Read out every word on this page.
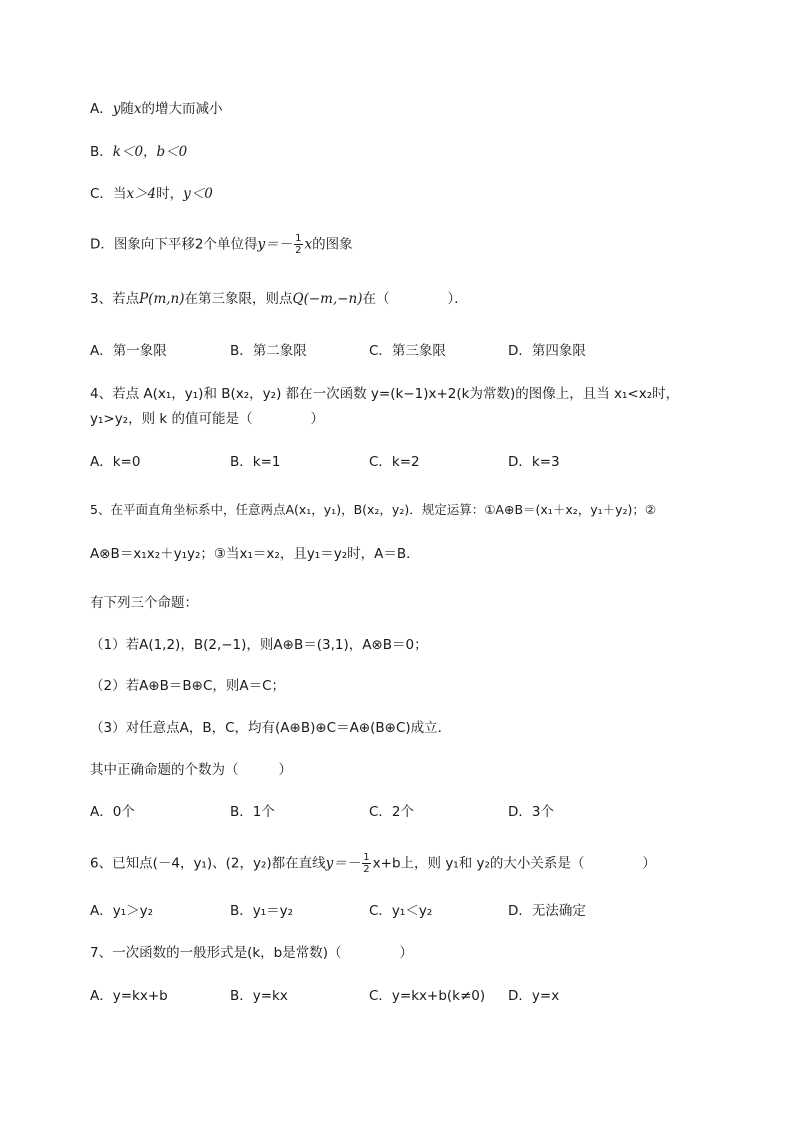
A．y随x的增大而减小
B．k＜0，b＜0
C．当x＞4时，y＜0
D．图象向下平移2个单位得$y=- \frac{1}{2}$ x的图象
3、若点P(m,n)在第三象限，则点Q(−m,−n)在（	）．
A．第一象限	B．第二象限	C．第三象限	D．第四象限
4、若点 A(x₁，y₁)和 B(x₂，y₂) 都在一次函数 y=(k−1)x+2(k为常数)的图像上，且当 x₁<x₂时，
y₁>y₂，则 k 的值可能是（	）
A．k=0	B．k=1	C．k=2	D．k=3
5、在平面直角坐标系中，任意两点A(x₁，y₁)，B(x₂，y₂)．规定运算：①A⊕B＝(x₁＋x₂，y₁＋y₂)；②
A⊗B＝x₁x₂＋y₁y₂；③当x₁＝x₂，且y₁＝y₂时，A＝B．
有下列三个命题：
（1）若A(1,2)，B(2,−1)，则A⊕B＝(3,1)，A⊗B＝0；
（2）若A⊕B＝B⊕C，则A＝C；
（3）对任意点A，B，C，均有(A⊕B)⊕C＝A⊕(B⊕C)成立．
其中正确命题的个数为（	）
A．0个	B．1个	C．2个	D．3个
6、已知点(－4，y₁)、(2，y₂)都在直线$y=- \frac{1}{2} x+b$上，则 y₁和 y₂的大小关系是（	）
A．y₁＞y₂	B．y₁＝y₂	C．y₁＜y₂	D．无法确定
7、一次函数的一般形式是(k，b是常数)（	）
A．y=kx+b	B．y=kx	C．y=kx+b(k≠0) D．y=x
